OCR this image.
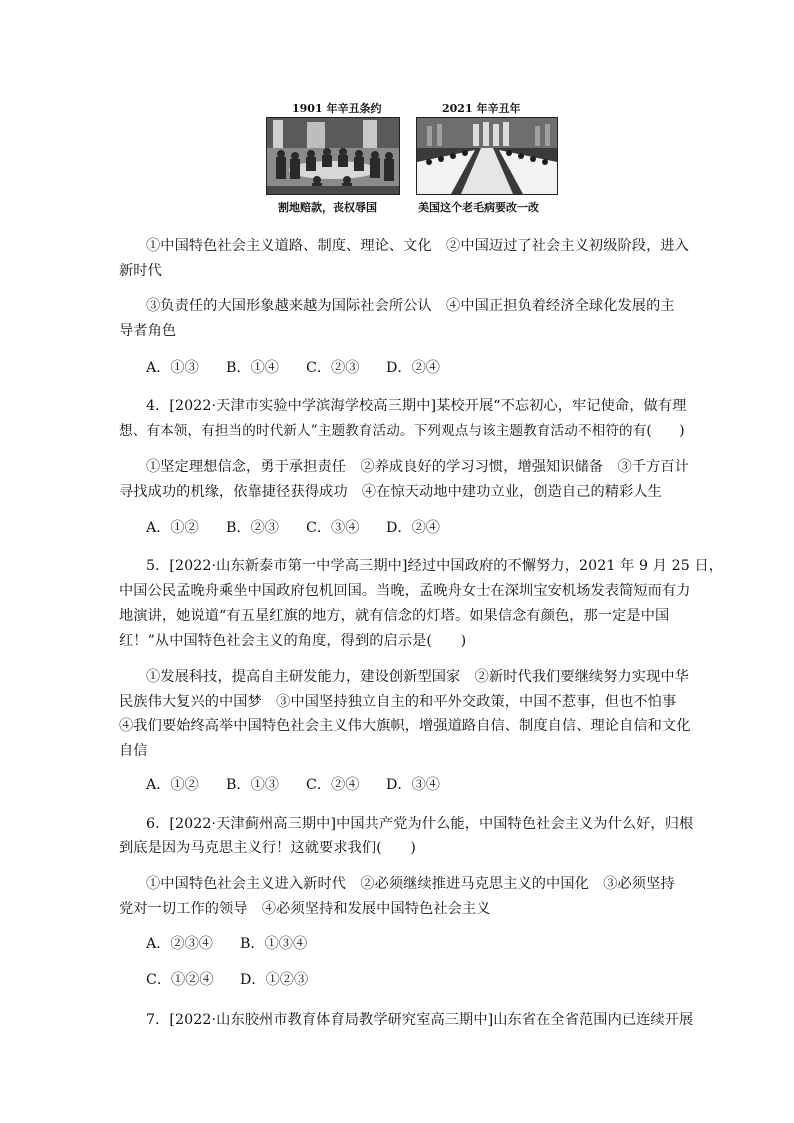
1901 年辛丑条约	2021 年辛丑年
割地赔款，丧权辱国	美国这个老毛病要改一改
①中国特色社会主义道路、制度、理论、文化　②中国迈过了社会主义初级阶段，进入
新时代
③负责任的大国形象越来越为国际社会所公认　④中国正担负着经济全球化发展的主
导者角色
A．①③ B．①④ C．②③ D．②④
4．[2022·天津市实验中学滨海学校高三期中]某校开展“不忘初心，牢记使命，做有理
想、有本领，有担当的时代新人”主题教育活动。下列观点与该主题教育活动不相符的有(　　)
①坚定理想信念，勇于承担责任　②养成良好的学习习惯，增强知识储备　③千方百计
寻找成功的机缘，依靠捷径获得成功　④在惊天动地中建功立业，创造自己的精彩人生
A．①② B．②③ C．③④ D．②④
5．[2022·山东新泰市第一中学高三期中]经过中国政府的不懈努力，2021 年 9 月 25 日，
中国公民孟晚舟乘坐中国政府包机回国。当晚，孟晚舟女士在深圳宝安机场发表简短而有力
地演讲，她说道“有五星红旗的地方，就有信念的灯塔。如果信念有颜色，那一定是中国
红！”从中国特色社会主义的角度，得到的启示是(　　)
①发展科技，提高自主研发能力，建设创新型国家　②新时代我们要继续努力实现中华
民族伟大复兴的中国梦　③中国坚持独立自主的和平外交政策，中国不惹事，但也不怕事
④我们要始终高举中国特色社会主义伟大旗帜，增强道路自信、制度自信、理论自信和文化
自信
A．①② B．①③ C．②④ D．③④
6．[2022·天津蓟州高三期中]中国共产党为什么能，中国特色社会主义为什么好，归根
到底是因为马克思主义行！这就要求我们(　　)
①中国特色社会主义进入新时代　②必须继续推进马克思主义的中国化　③必须坚持
党对一切工作的领导　④必须坚持和发展中国特色社会主义
A．②③④ B．①③④
C．①②④ D．①②③
7．[2022·山东胶州市教育体育局教学研究室高三期中]山东省在全省范围内已连续开展
